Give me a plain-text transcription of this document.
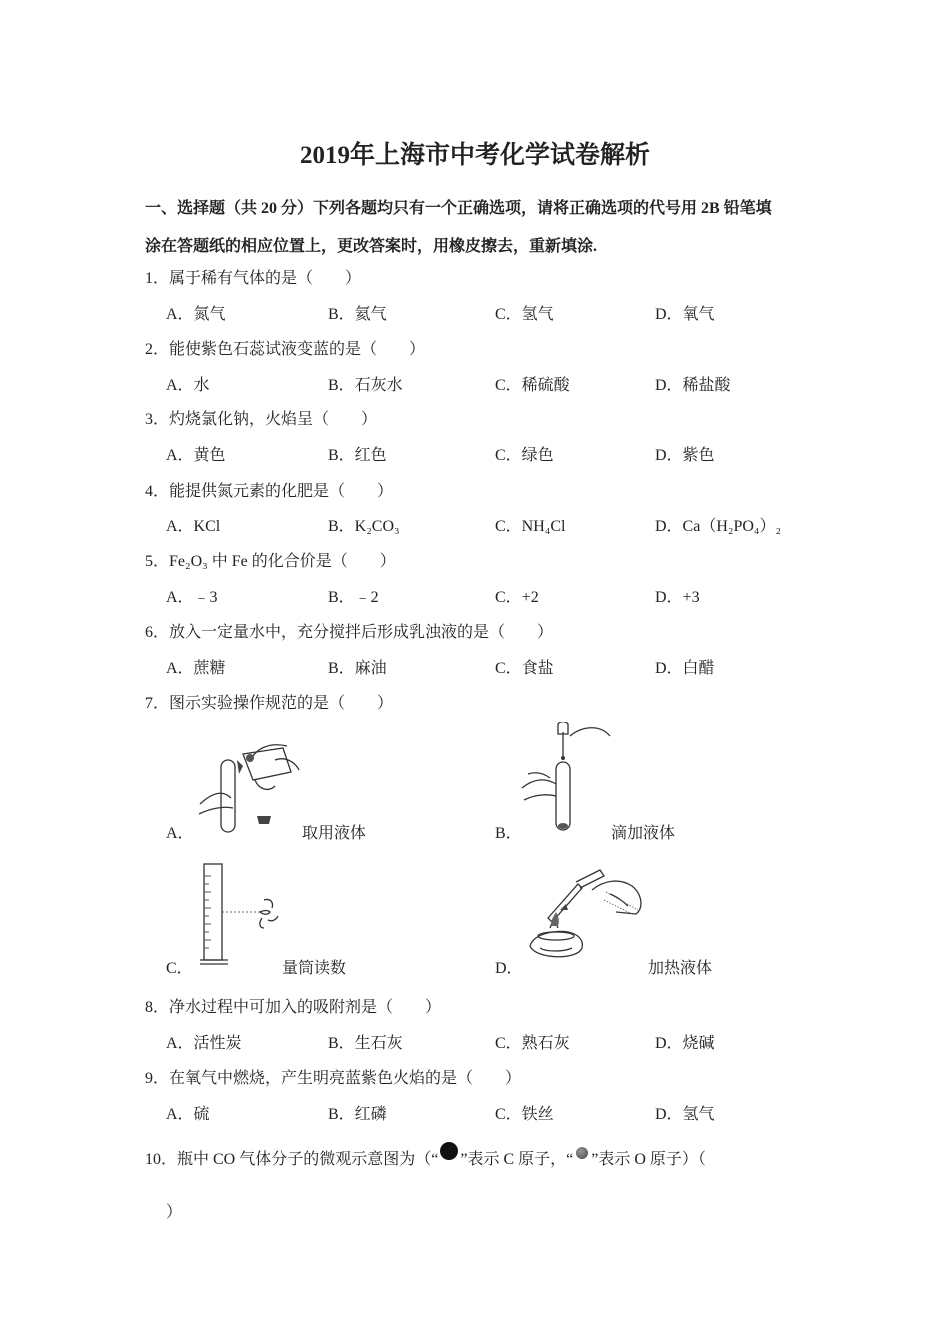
2019年上海市中考化学试卷解析
一、选择题（共 20 分）下列各题均只有一个正确选项，请将正确选项的代号用 2B 铅笔填
涂在答题纸的相应位置上，更改答案时，用橡皮擦去，重新填涂.
1．属于稀有气体的是（　　）
A．氮气	B．氦气	C．氢气	D．氧气
2．能使紫色石蕊试液变蓝的是（　　）
A．水	B．石灰水	C．稀硫酸	D．稀盐酸
3．灼烧氯化钠，火焰呈（　　）
A．黄色	B．红色	C．绿色	D．紫色
4．能提供氮元素的化肥是（　　）
A．KCl	B．K₂CO₃	C．NH₄Cl	D．Ca（H₂PO₄）₂
5．Fe₂O₃ 中 Fe 的化合价是（　　）
A．﹣3	B．﹣2	C．+2	D．+3
6．放入一定量水中，充分搅拌后形成乳浊液的是（　　）
A．蔗糖	B．麻油	C．食盐	D．白醋
7．图示实验操作规范的是（　　）
A．	取用液体	B．	滴加液体
C．	量筒读数	D．	加热液体
8．净水过程中可加入的吸附剂是（　　）
A．活性炭	B．生石灰	C．熟石灰	D．烧碱
9．在氧气中燃烧，产生明亮蓝紫色火焰的是（　　）
A．硫	B．红磷	C．铁丝	D．氢气
10．瓶中 CO 气体分子的微观示意图为（“ ”表示 C 原子，“ ”表示 O 原子）（
）
